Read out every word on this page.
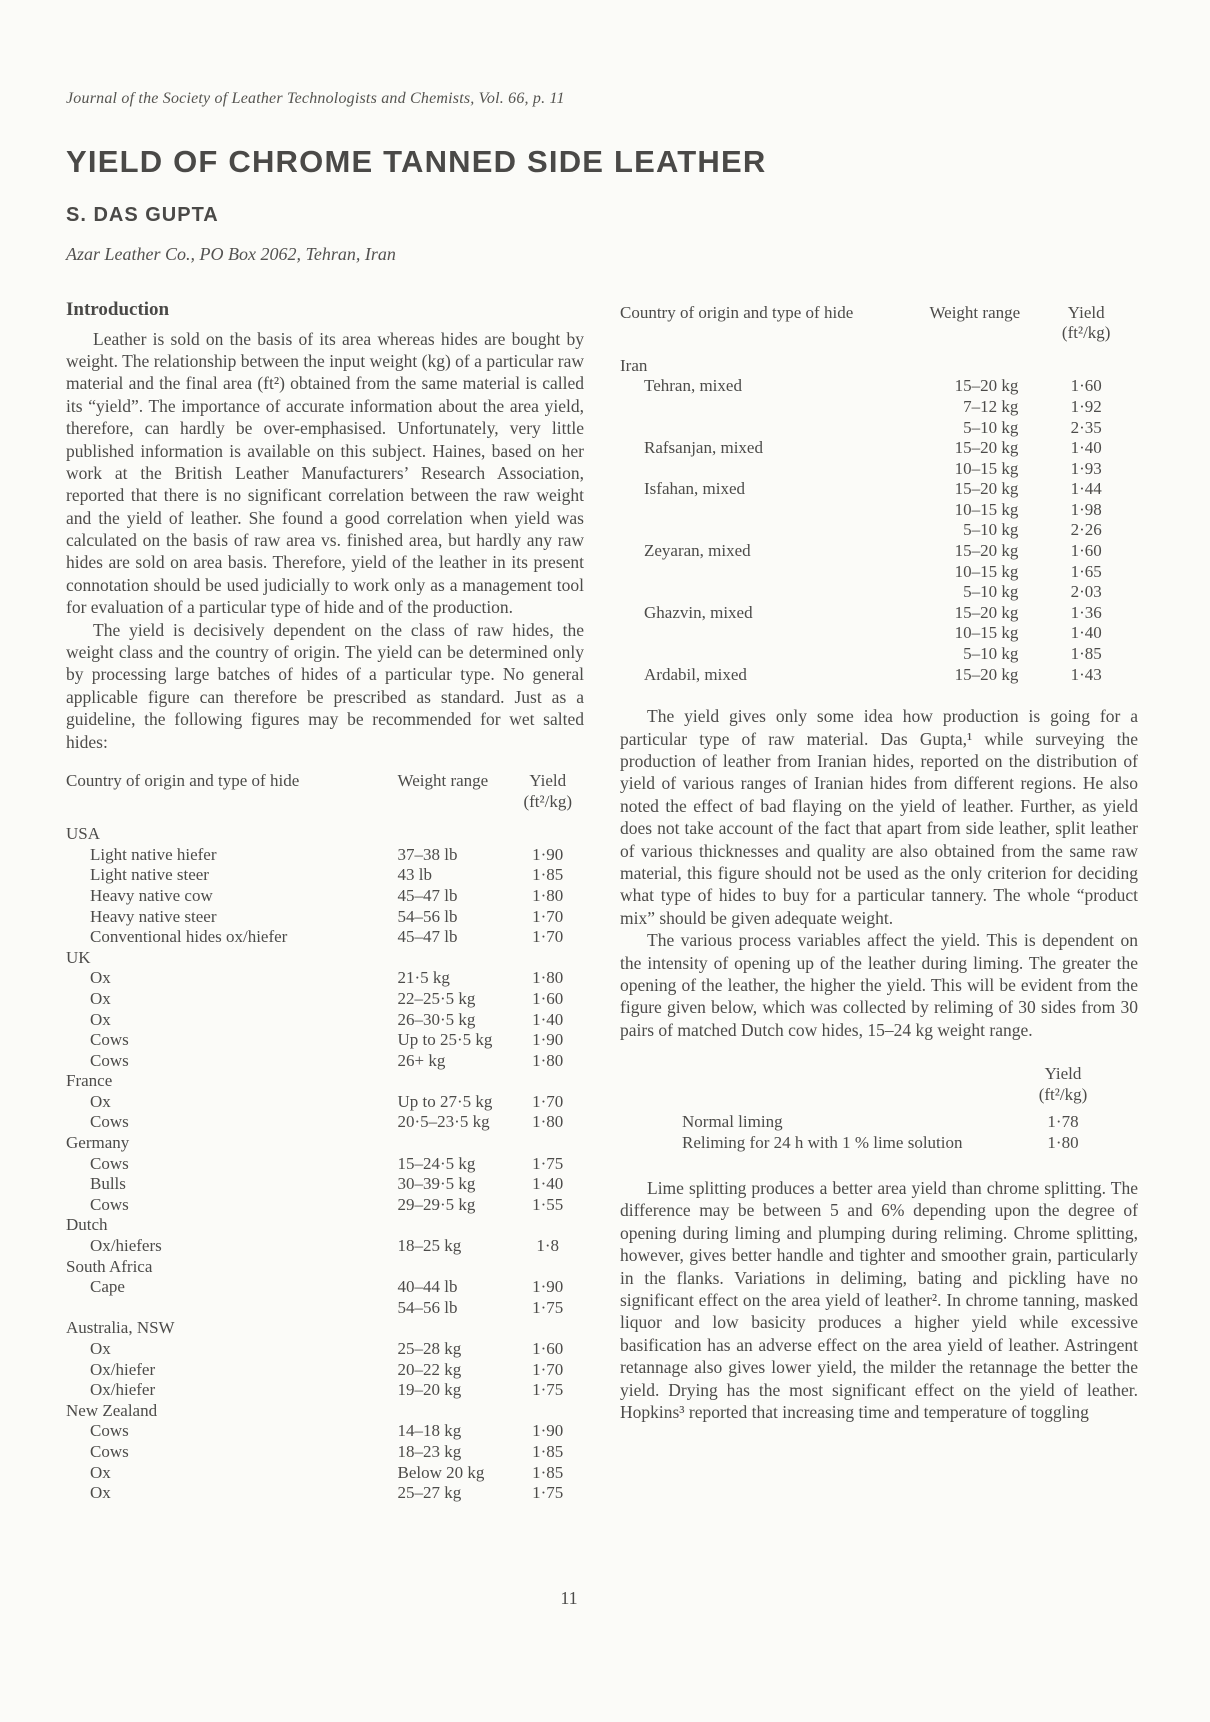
Journal of the Society of Leather Technologists and Chemists, Vol. 66, p. 11
YIELD OF CHROME TANNED SIDE LEATHER
S. DAS GUPTA
Azar Leather Co., PO Box 2062, Tehran, Iran
Introduction

Leather is sold on the basis of its area whereas hides are bought by weight. The relationship between the input weight (kg) of a particular raw material and the final area (ft²) obtained from the same material is called its “yield”. The importance of accurate information about the area yield, therefore, can hardly be over-emphasised. Unfortunately, very little published information is available on this subject. Haines, based on her work at the British Leather Manufacturers’ Research Association, reported that there is no significant correlation between the raw weight and the yield of leather. She found a good correlation when yield was calculated on the basis of raw area vs. finished area, but hardly any raw hides are sold on area basis. Therefore, yield of the leather in its present connotation should be used judicially to work only as a management tool for evaluation of a particular type of hide and of the production.

The yield is decisively dependent on the class of raw hides, the weight class and the country of origin. The yield can be determined only by processing large batches of hides of a particular type. No general applicable figure can therefore be prescribed as standard. Just as a guideline, the following figures may be recommended for wet salted hides:

Country of origin and type of hide	Weight range	Yield
(ft²/kg)
USA		
Light native hiefer	37–38 lb	1·90
Light native steer	43 lb	1·85
Heavy native cow	45–47 lb	1·80
Heavy native steer	54–56 lb	1·70
Conventional hides ox/hiefer	45–47 lb	1·70
UK		
Ox	21·5 kg	1·80
Ox	22–25·5 kg	1·60
Ox	26–30·5 kg	1·40
Cows	Up to 25·5 kg	1·90
Cows	26+ kg	1·80
France		
Ox	Up to 27·5 kg	1·70
Cows	20·5–23·5 kg	1·80
Germany		
Cows	15–24·5 kg	1·75
Bulls	30–39·5 kg	1·40
Cows	29–29·5 kg	1·55
Dutch		
Ox/hiefers	18–25 kg	1·8
South Africa		
Cape	40–44 lb	1·90
	54–56 lb	1·75
Australia, NSW		
Ox	25–28 kg	1·60
Ox/hiefer	20–22 kg	1·70
Ox/hiefer	19–20 kg	1·75
New Zealand		
Cows	14–18 kg	1·90
Cows	18–23 kg	1·85
Ox	Below 20 kg	1·85
Ox	25–27 kg	1·75
Country of origin and type of hide	Weight range	Yield
(ft²/kg)
Iran		
Tehran, mixed	15–20 kg	1·60
	7–12 kg	1·92
	5–10 kg	2·35
Rafsanjan, mixed	15–20 kg	1·40
	10–15 kg	1·93
Isfahan, mixed	15–20 kg	1·44
	10–15 kg	1·98
	5–10 kg	2·26
Zeyaran, mixed	15–20 kg	1·60
	10–15 kg	1·65
	5–10 kg	2·03
Ghazvin, mixed	15–20 kg	1·36
	10–15 kg	1·40
	5–10 kg	1·85
Ardabil, mixed	15–20 kg	1·43

The yield gives only some idea how production is going for a particular type of raw material. Das Gupta,¹ while surveying the production of leather from Iranian hides, reported on the distribution of yield of various ranges of Iranian hides from different regions. He also noted the effect of bad flaying on the yield of leather. Further, as yield does not take account of the fact that apart from side leather, split leather of various thicknesses and quality are also obtained from the same raw material, this figure should not be used as the only criterion for deciding what type of hides to buy for a particular tannery. The whole “product mix” should be given adequate weight.

The various process variables affect the yield. This is dependent on the intensity of opening up of the leather during liming. The greater the opening of the leather, the higher the yield. This will be evident from the figure given below, which was collected by reliming of 30 sides from 30 pairs of matched Dutch cow hides, 15–24 kg weight range.

	Yield
(ft²/kg)
Normal liming	1·78
Reliming for 24 h with 1 % lime solution	1·80

Lime splitting produces a better area yield than chrome splitting. The difference may be between 5 and 6% depending upon the degree of opening during liming and plumping during reliming. Chrome splitting, however, gives better handle and tighter and smoother grain, particularly in the flanks. Variations in deliming, bating and pickling have no significant effect on the area yield of leather². In chrome tanning, masked liquor and low basicity produces a higher yield while excessive basification has an adverse effect on the area yield of leather. Astringent retannage also gives lower yield, the milder the retannage the better the yield. Drying has the most significant effect on the yield of leather. Hopkins³ reported that increasing time and temperature of toggling

11
